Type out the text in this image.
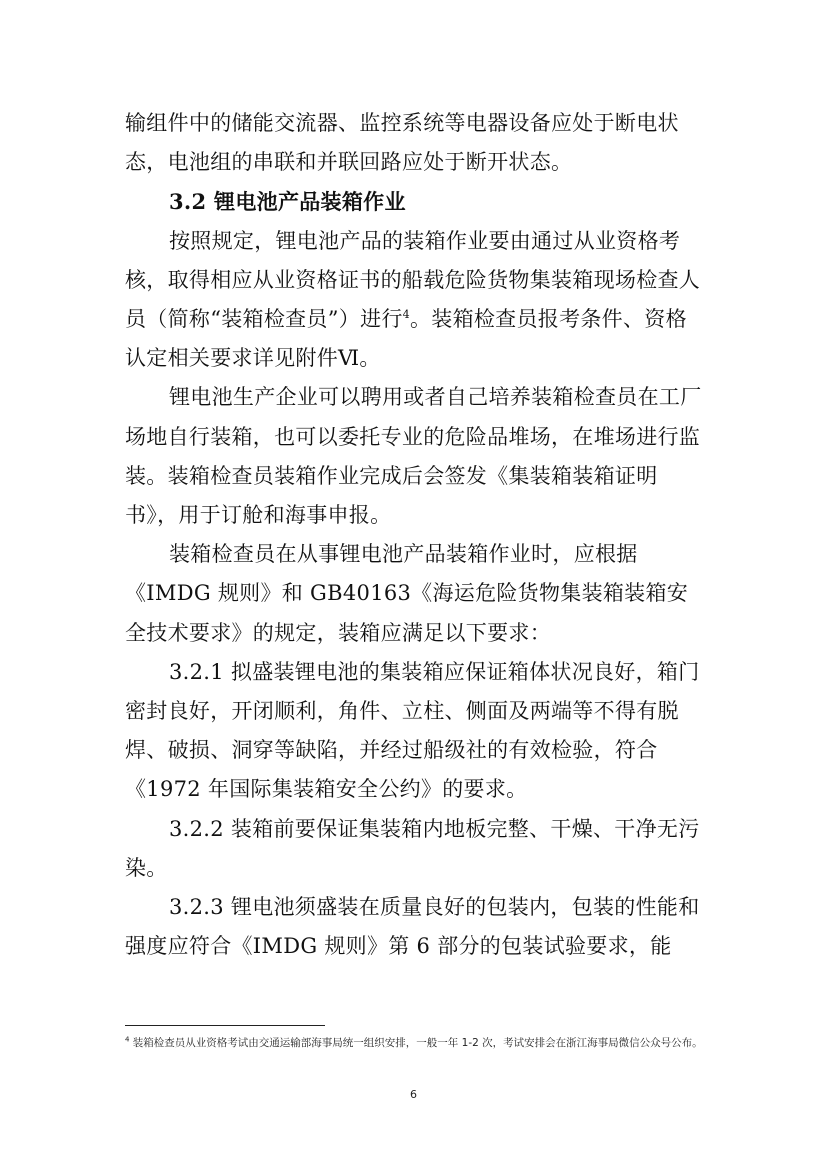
输组件中的储能交流器、监控系统等电器设备应处于断电状态，电池组的串联和并联回路应处于断开状态。

3.2 锂电池产品装箱作业

按照规定，锂电池产品的装箱作业要由通过从业资格考核，取得相应从业资格证书的船载危险货物集装箱现场检查人员（简称“装箱检查员”）进行$^4$。装箱检查员报考条件、资格认定相关要求详见附件Ⅵ。

锂电池生产企业可以聘用或者自己培养装箱检查员在工厂场地自行装箱，也可以委托专业的危险品堆场，在堆场进行监装。装箱检查员装箱作业完成后会签发《集装箱装箱证明书》，用于订舱和海事申报。

装箱检查员在从事锂电池产品装箱作业时，应根据《IMDG 规则》和 GB40163《海运危险货物集装箱装箱安全技术要求》的规定，装箱应满足以下要求：

3.2.1 拟盛装锂电池的集装箱应保证箱体状况良好，箱门密封良好，开闭顺利，角件、立柱、侧面及两端等不得有脱焊、破损、洞穿等缺陷，并经过船级社的有效检验，符合《1972 年国际集装箱安全公约》的要求。

3.2.2 装箱前要保证集装箱内地板完整、干燥、干净无污染。

3.2.3 锂电池须盛装在质量良好的包装内，包装的性能和强度应符合《IMDG 规则》第 6 部分的包装试验要求，能

$^4$ 装箱检查员从业资格考试由交通运输部海事局统一组织安排，一般一年 1-2 次，考试安排会在浙江海事局微信公众号公布。

6
